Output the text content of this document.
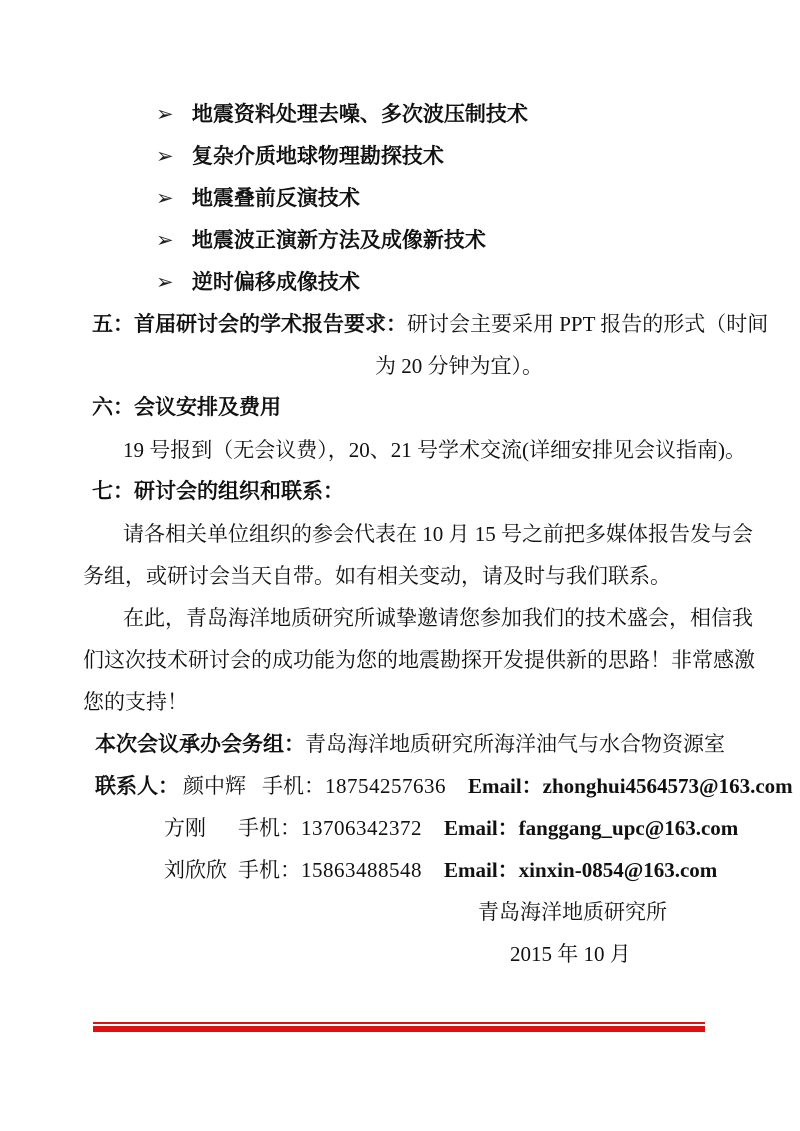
➢ 地震资料处理去噪、多次波压制技术
➢ 复杂介质地球物理勘探技术
➢ 地震叠前反演技术
➢ 地震波正演新方法及成像新技术
➢ 逆时偏移成像技术
五：首届研讨会的学术报告要求：研讨会主要采用 PPT 报告的形式（时间
为 20 分钟为宜）。
六：会议安排及费用
19 号报到（无会议费），20、21 号学术交流(详细安排见会议指南)。
七：研讨会的组织和联系：
请各相关单位组织的参会代表在 10 月 15 号之前把多媒体报告发与会
务组，或研讨会当天自带。如有相关变动，请及时与我们联系。
在此，青岛海洋地质研究所诚挚邀请您参加我们的技术盛会，相信我
们这次技术研讨会的成功能为您的地震勘探开发提供新的思路！非常感激
您的支持！
本次会议承办会务组：青岛海洋地质研究所海洋油气与水合物资源室
联系人： 颜中辉 手机：18754257636 Email：zhonghui4564573@163.com
方刚 手机：13706342372 Email：fanggang_upc@163.com
刘欣欣 手机：15863488548 Email：xinxin-0854@163.com
青岛海洋地质研究所
2015 年 10 月
